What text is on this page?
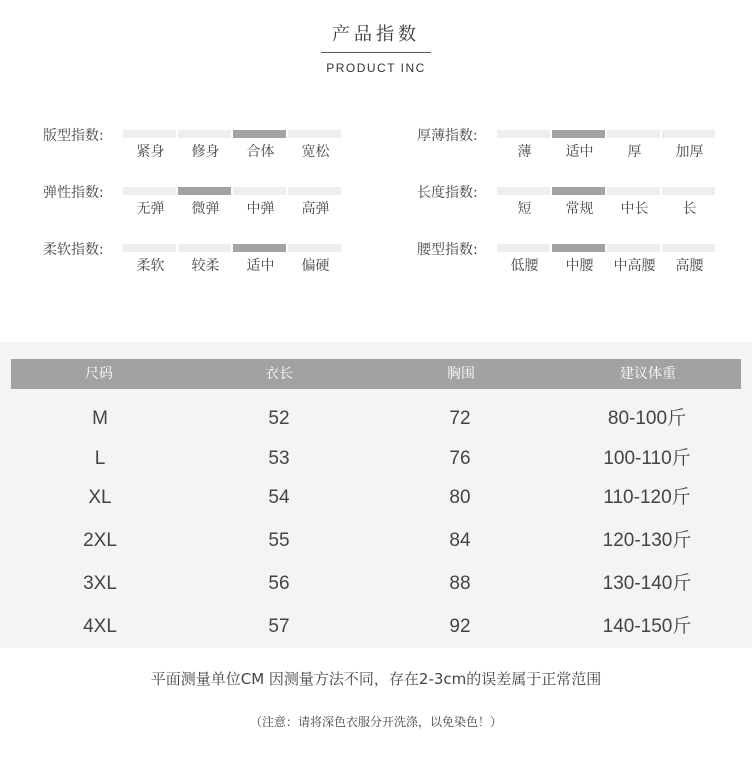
产品指数
PRODUCT INC
版型指数:
紧身	修身	合体	宽松
弹性指数:
无弹	微弹	中弹	高弹
柔软指数:
柔软	较柔	适中	偏硬
厚薄指数:
薄	适中	厚	加厚
长度指数:
短	常规	中长	长
腰型指数:
低腰	中腰	中高腰	高腰
尺码	衣长	胸围	建议体重
M	52	72	80-100斤
L	53	76	100-110斤
XL	54	80	110-120斤
2XL	55	84	120-130斤
3XL	56	88	130-140斤
4XL	57	92	140-150斤
平面测量单位CM 因测量方法不同，存在2-3cm的误差属于正常范围
（注意：请将深色衣服分开洗涤，以免染色！）
